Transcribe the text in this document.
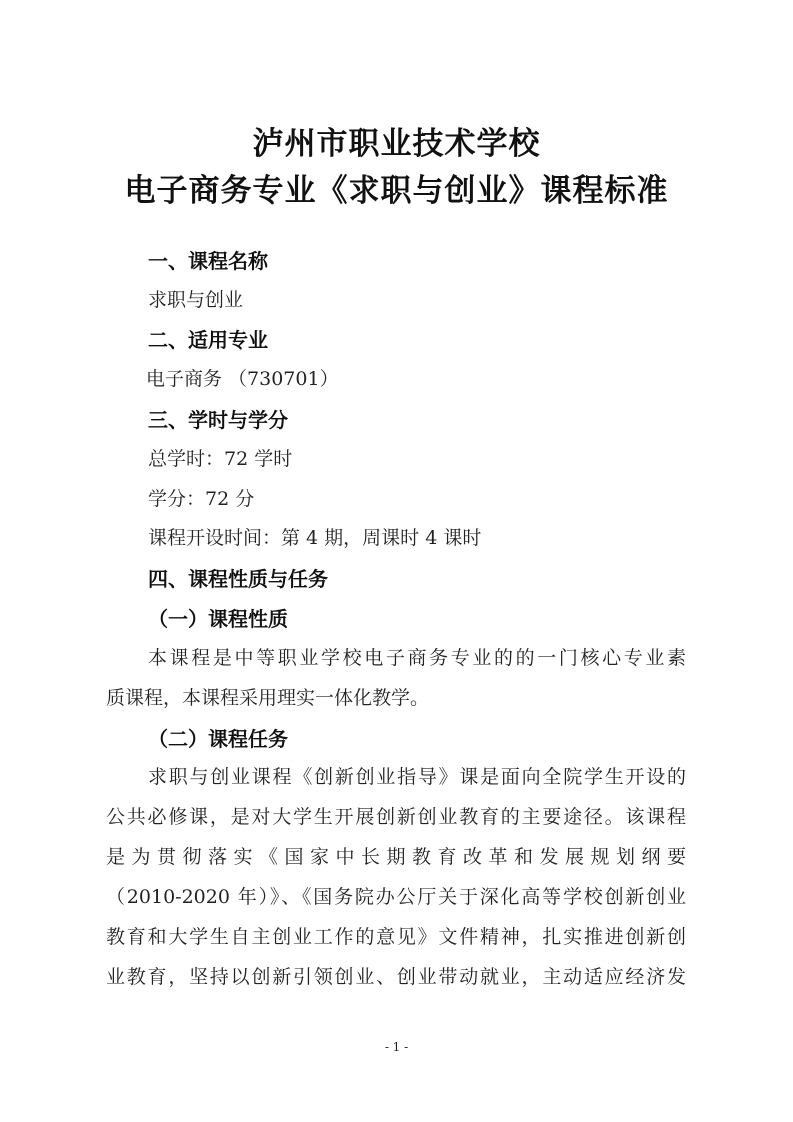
泸州市职业技术学校
电子商务专业《求职与创业》课程标准
一、课程名称
求职与创业
二、适用专业
电子商务 （730701）
三、学时与学分
总学时：72 学时
学分：72 分
课程开设时间：第 4 期，周课时 4 课时
四、课程性质与任务
（一）课程性质
本课程是中等职业学校电子商务专业的的一门核心专业素
质课程，本课程采用理实一体化教学。
（二）课程任务
求职与创业课程《创新创业指导》课是面向全院学生开设的
公共必修课，是对大学生开展创新创业教育的主要途径。该课程
是为贯彻落实《国家中长期教育改革和发展规划纲要
（2010-2020 年）》、《国务院办公厅关于深化高等学校创新创业
教育和大学生自主创业工作的意见》文件精神，扎实推进创新创
业教育，坚持以创新引领创业、创业带动就业，主动适应经济发
- 1 -
